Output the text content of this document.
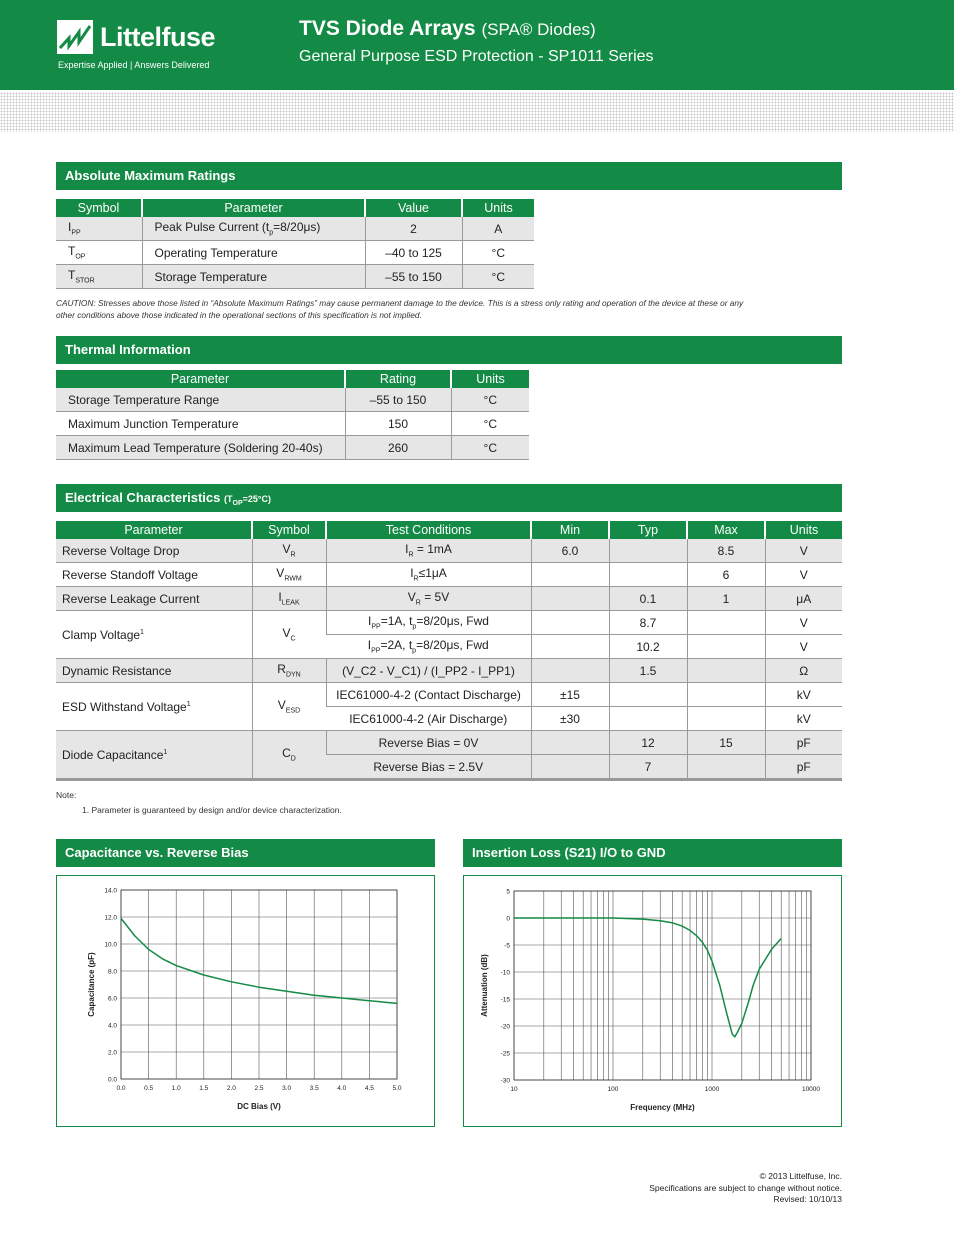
Littelfuse
Expertise Applied | Answers Delivered
TVS Diode Arrays (SPA® Diodes)
General Purpose ESD Protection - SP1011 Series
Absolute Maximum Ratings
Symbol	Parameter	Value	Units
$I_{PP}$	Peak Pulse Current $(t_p=8/20\mu s)$	2	A
$T_{OP}$	Operating Temperature	–40 to 125	°C
$T_{STOR}$	Storage Temperature	–55 to 150	°C
CAUTION: Stresses above those listed in “Absolute Maximum Ratings” may cause permanent damage to the device. This is a stress only rating and operation of the device at these or any other conditions above those indicated in the operational sections of this specification is not implied.
Thermal Information
Parameter	Rating	Units
Storage Temperature Range	–55 to 150	°C
Maximum Junction Temperature	150	°C
Maximum Lead Temperature (Soldering 20-40s)	260	°C
Electrical Characteristics $(T_{OP}=25^\circ C)$
Parameter	Symbol	Test Conditions	Min	Typ	Max	Units
Reverse Voltage Drop	$V_R$	$I_R = 1mA$	6.0		8.5	V
Reverse Standoff Voltage	$V_{RWM}$	$I_R\le 1\mu A$			6	V
Reverse Leakage Current	$I_{LEAK}$	$V_R = 5V$		0.1	1	μA
Clamp Voltage$^1$	$V_C$	$I_{PP}=1A$, $t_p=8/20\mu s$, Fwd		8.7		V
		$I_{PP}=2A$, $t_p=8/20\mu s$, Fwd		10.2		V
Dynamic Resistance	$R_{DYN}$	(V_C2 - V_C1) / (I_PP2 - I_PP1)		1.5		Ω
ESD Withstand Voltage$^1$	$V_{ESD}$	IEC61000-4-2 (Contact Discharge)	±15			kV
		IEC61000-4-2 (Air Discharge)	±30			kV
Diode Capacitance$^1$	$C_D$	Reverse Bias = 0V		12	15	pF
		Reverse Bias = 2.5V		7		pF
Note:
1. Parameter is guaranteed by design and/or device characterization.
Capacitance vs. Reverse Bias
0.0
2.0
4.0
6.0
8.0
10.0
12.0
14.0
0.0	0.5	1.0	1.5	2.0	2.5	3.0	3.5	4.0	4.5	5.0
DC Bias (V)
Capacitance (pF)
Insertion Loss (S21) I/O to GND
5
0
-5
-10
-15
-20
-25
-30
10	100	1000	10000
Frequency (MHz)
Attenuation (dB)
© 2013 Littelfuse, Inc.
Specifications are subject to change without notice.
Revised: 10/10/13
